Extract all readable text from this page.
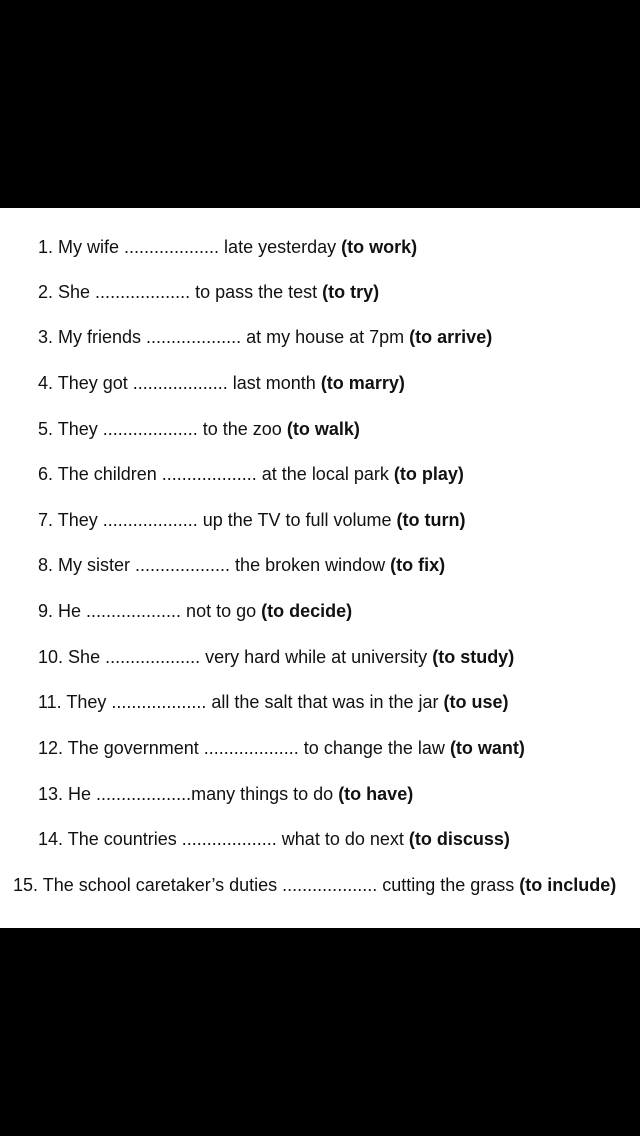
1. My wife ................... late yesterday (to work)
2. She ................... to pass the test (to try)
3. My friends ................... at my house at 7pm (to arrive)
4. They got ................... last month (to marry)
5. They ................... to the zoo (to walk)
6. The children ................... at the local park (to play)
7. They ................... up the TV to full volume (to turn)
8. My sister ................... the broken window (to fix)
9. He ................... not to go (to decide)
10. She ................... very hard while at university (to study)
11. They ................... all the salt that was in the jar (to use)
12. The government ................... to change the law (to want)
13. He ...................many things to do (to have)
14. The countries ................... what to do next (to discuss)
15. The school caretaker’s duties ................... cutting the grass (to include)
